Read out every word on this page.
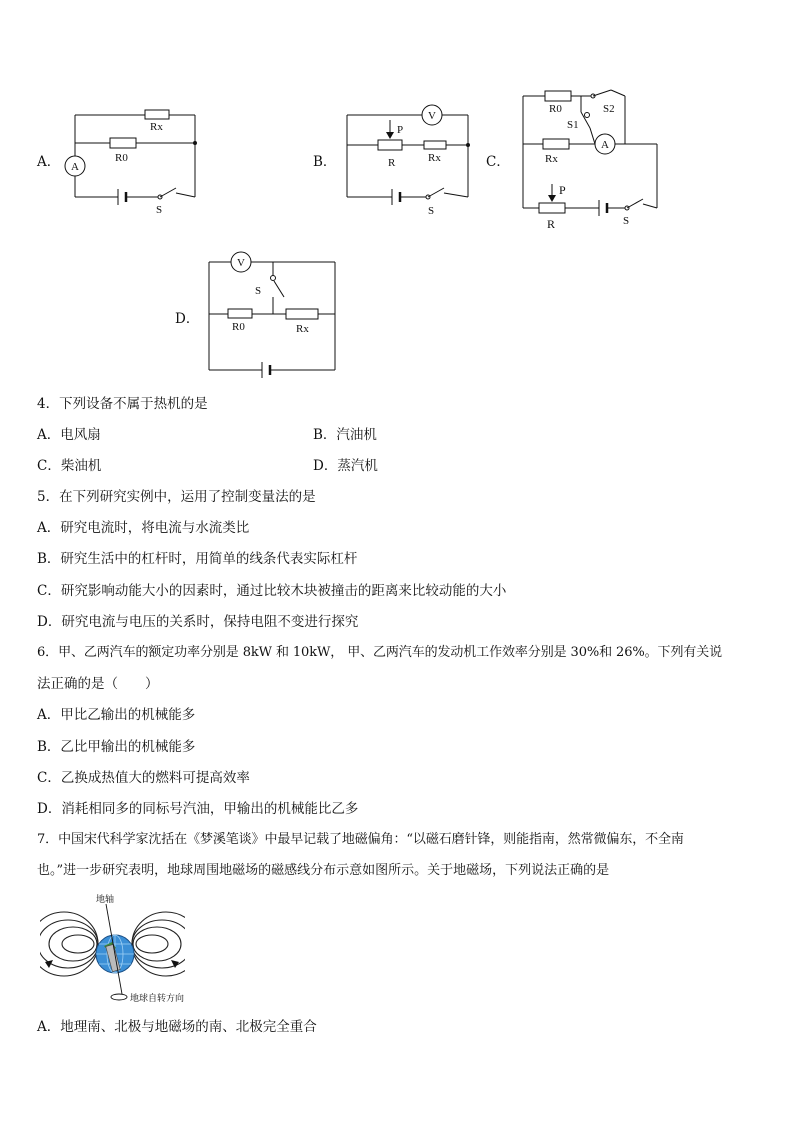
A．
Rx
R0
A
S
B．
V
P
R	Rx
S
C．
R0	S2
S1
Rx
A
P
R	S
D．
V
S
R0	Rx
4．下列设备不属于热机的是
A．电风扇	B．汽油机
C．柴油机	D．蒸汽机
5．在下列研究实例中，运用了控制变量法的是
A．研究电流时，将电流与水流类比
B．研究生活中的杠杆时，用简单的线条代表实际杠杆
C．研究影响动能大小的因素时，通过比较木块被撞击的距离来比较动能的大小
D．研究电流与电压的关系时，保持电阻不变进行探究
6．甲、乙两汽车的额定功率分别是 8kW 和 10kW， 甲、乙两汽车的发动机工作效率分别是 30%和 26%。下列有关说
法正确的是（　　）
A．甲比乙输出的机械能多
B．乙比甲输出的机械能多
C．乙换成热值大的燃料可提高效率
D．消耗相同多的同标号汽油，甲输出的机械能比乙多
7．中国宋代科学家沈括在《梦溪笔谈》中最早记载了地磁偏角：“以磁石磨针锋，则能指南，然常微偏东，不全南
也。”进一步研究表明，地球周围地磁场的磁感线分布示意如图所示。关于地磁场，下列说法正确的是
地轴
地球自转方向
A．地理南、北极与地磁场的南、北极完全重合
